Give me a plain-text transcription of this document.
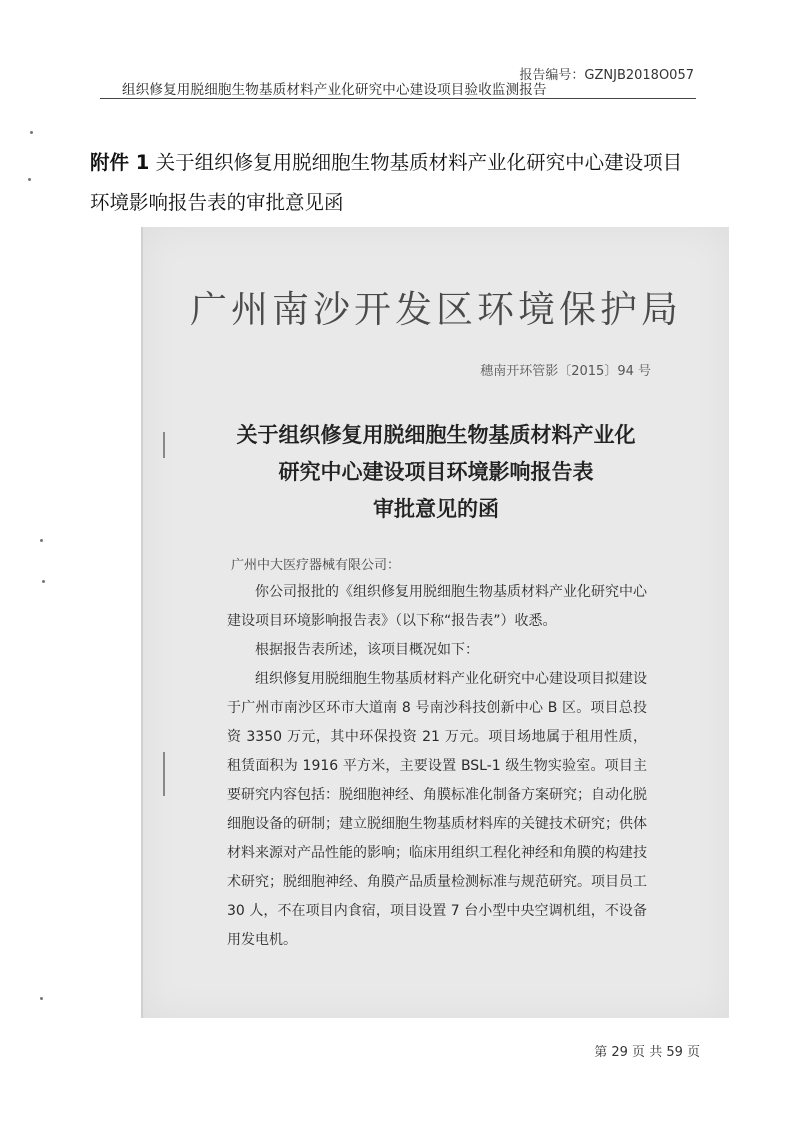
报告编号：GZNJB2018O057
组织修复用脱细胞生物基质材料产业化研究中心建设项目验收监测报告
附件 1 关于组织修复用脱细胞生物基质材料产业化研究中心建设项目
环境影响报告表的审批意见函
广州南沙开发区环境保护局
穗南开环管影〔2015〕94 号
关于组织修复用脱细胞生物基质材料产业化
研究中心建设项目环境影响报告表
审批意见的函
广州中大医疗器械有限公司：

你公司报批的《组织修复用脱细胞生物基质材料产业化研究中心建设项目环境影响报告表》（以下称“报告表”）收悉。

根据报告表所述，该项目概况如下：

组织修复用脱细胞生物基质材料产业化研究中心建设项目拟建设于广州市南沙区环市大道南 8 号南沙科技创新中心 B 区。项目总投资 3350 万元，其中环保投资 21 万元。项目场地属于租用性质，租赁面积为 1916 平方米，主要设置 BSL-1 级生物实验室。项目主要研究内容包括：脱细胞神经、角膜标准化制备方案研究；自动化脱细胞设备的研制；建立脱细胞生物基质材料库的关键技术研究；供体材料来源对产品性能的影响；临床用组织工程化神经和角膜的构建技术研究；脱细胞神经、角膜产品质量检测标准与规范研究。项目员工 30 人，不在项目内食宿，项目设置 7 台小型中央空调机组，不设备用发电机。

第 29 页 共 59 页
